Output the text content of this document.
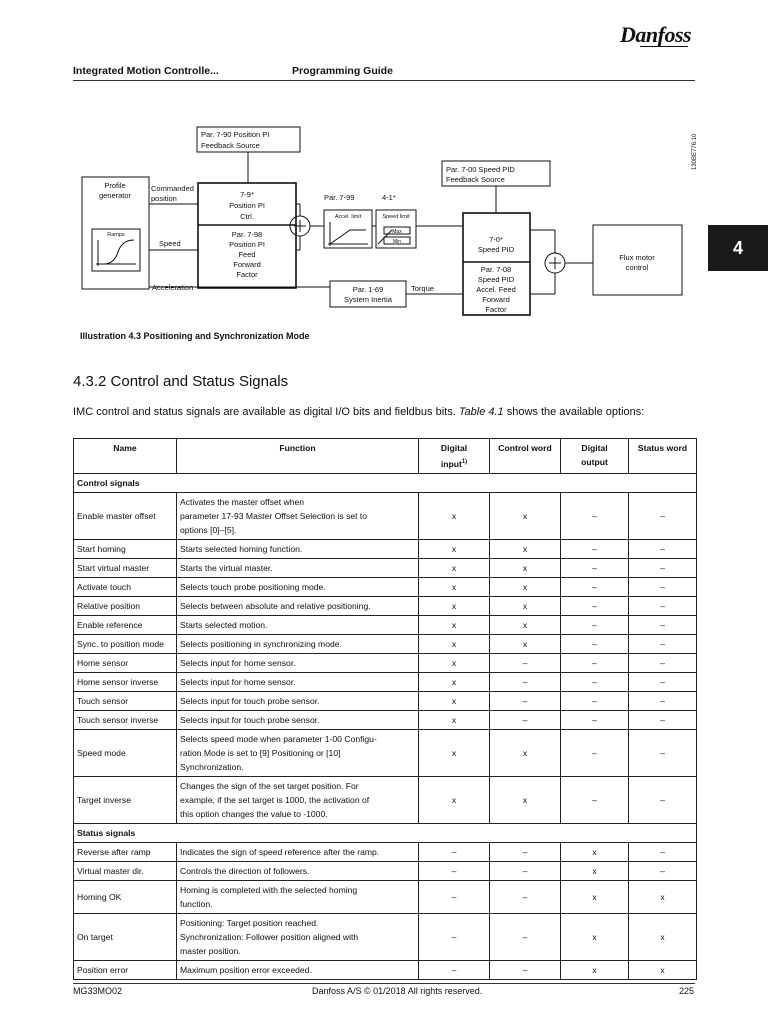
Danfoss
Integrated Motion Controlle...	Programming Guide
4
130BE776.10
Par. 7-90 Position PI
Feedback Source
Par. 7-00 Speed PID
Feedback Source
Profile
generator
Ramps
Commanded
position
Speed
Acceleration
7-9*
Position PI
Ctrl.
Par. 7-98
Position PI
Feed
Forward
Factor
Par. 7-99	4-1*
Accel. limit	Speed limit
Max
Min	7-0*
Speed PID
Par. 7-08
Speed PID
Accel. Feed
Forward
Factor
Par. 1-69
System Inertia
Torque
Flux motor
control
Illustration 4.3 Positioning and Synchronization Mode
4.3.2 Control and Status Signals
IMC control and status signals are available as digital I/O bits and fieldbus bits. Table 4.1 shows the available options:
Name	Function	Digital
input$^{1)}$	Control word	Digital
output	Status word
Control signals					
Enable master offset	Activates the master offset when
parameter 17-93 Master Offset Selection is set to
options [0]–[5].	x	x	–	–
Start homing	Starts selected homing function.	x	x	–	–
Start virtual master	Starts the virtual master.	x	x	–	–
Activate touch	Selects touch probe positioning mode.	x	x	–	–
Relative position	Selects between absolute and relative positioning.	x	x	–	–
Enable reference	Starts selected motion.	x	x	–	–
Sync. to position mode	Selects positioning in synchronizing mode.	x	x	–	–
Home sensor	Selects input for home sensor.	x	–	–	–
Home sensor inverse	Selects input for home sensor.	x	–	–	–
Touch sensor	Selects input for touch probe sensor.	x	–	–	–
Touch sensor inverse	Selects input for touch probe sensor.	x	–	–	–
Speed mode	Selects speed mode when parameter 1-00 Configu-
ration Mode is set to [9] Positioning or [10]
Synchronization.	x	x	–	–
Target inverse	Changes the sign of the set target position. For
example, if the set target is 1000, the activation of
this option changes the value to -1000.	x	x	–	–
Status signals					
Reverse after ramp	Indicates the sign of speed reference after the ramp.	–	–	x	–
Virtual master dir.	Controls the direction of followers.	–	–	x	–
Homing OK	Homing is completed with the selected homing
function.	–	–	x	x
On target	Positioning: Target position reached.
Synchronization: Follower position aligned with
master position.	–	–	x	x
Position error	Maximum position error exceeded.	–	–	x	x
MG33MO02	Danfoss A/S © 01/2018 All rights reserved.	225
